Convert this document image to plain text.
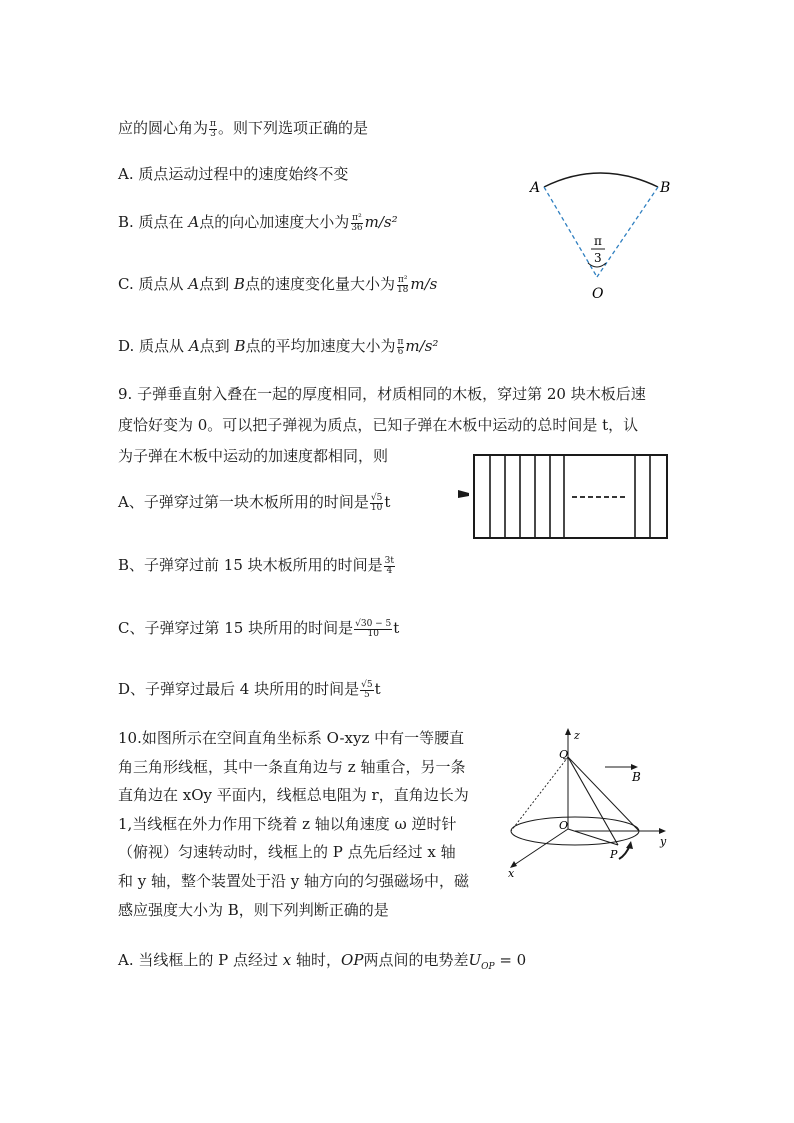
应的圆心角为 $\frac{\pi}{3}$ 。则下列选项正确的是
A. 质点运动过程中的速度始终不变
B. 质点在 A点的向心加速度大小为 $\frac{\text{π²}}{36} m/s^2$
C. 质点从 A点到 B点的速度变化量大小为 $\frac{\text{π²}}{18} m/s$
D. 质点从 A点到 B点的平均加速度大小为 $\frac{\pi}{6} m/s^2$
A	B
O
π
3
9. 子弹垂直射入叠在一起的厚度相同，材质相同的木板，穿过第 20 块木板后速
度恰好变为 0。可以把子弹视为质点，已知子弹在木板中运动的总时间是 t，认
为子弹在木板中运动的加速度都相同，则
A、子弹穿过第一块木板所用的时间是 $\frac{√5}{10}$ t
B、子弹穿过前 15 块木板所用的时间是 $\frac{3t}{4}$
C、子弹穿过第 15 块所用的时间是 $\frac{√30 - 5}{10}$ t
D、子弹穿过最后 4 块所用的时间是 $\frac{√5}{5}$ t
10.如图所示在空间直角坐标系 O-xyz 中有一等腰直
角三角形线框，其中一条直角边与 z 轴重合，另一条
直角边在 xOy 平面内，线框总电阻为 r，直角边长为
1,当线框在外力作用下绕着 z 轴以角速度 ω 逆时针
（俯视）匀速转动时，线框上的 P 点先后经过 x 轴
和 y 轴，整个装置处于沿 y 轴方向的匀强磁场中，磁
感应强度大小为 B，则下列判断正确的是
A. 当线框上的 P 点经过 x 轴时，OP两点间的电势差$U_{OP} = 0$
z
Q
B
y
x
O
P
